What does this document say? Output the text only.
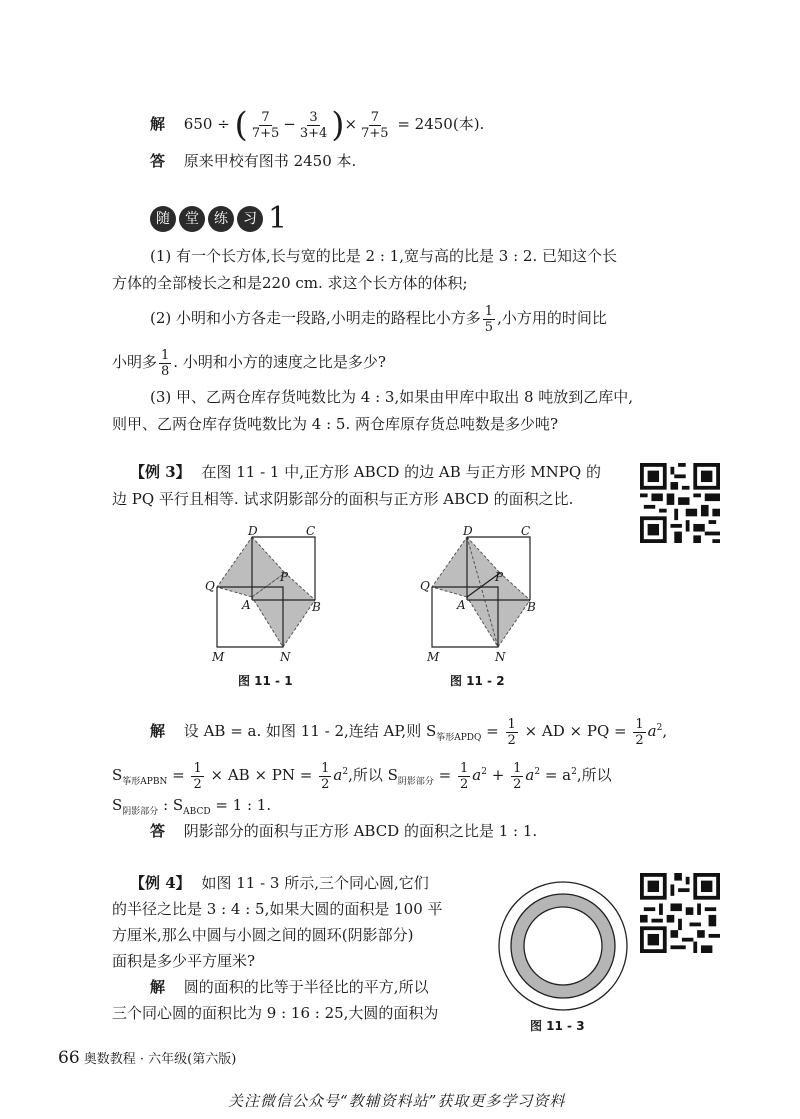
解 650 ÷ ( $\frac{7}{7+5} - \frac{3}{3+4}$ )× $\frac{7}{7+5} = 2450$(本).
答 原来甲校有图书 2450 本.
随	堂	练	习 1
(1) 有一个长方体,长与宽的比是 2 : 1,宽与高的比是 3 : 2. 已知这个长
方体的全部棱长之和是220 cm. 求这个长方体的体积;
(2) 小明和小方各走一段路,小明走的路程比小方多 $\frac{1}{5}$ ,小方用的时间比
小明多 $\frac{1}{8}$ . 小明和小方的速度之比是多少?
(3) 甲、乙两仓库存货吨数比为 4 : 3,如果由甲库中取出 8 吨放到乙库中,
则甲、乙两仓库存货吨数比为 4 : 5. 两仓库原存货总吨数是多少吨?
【例 3】 在图 11 - 1 中,正方形 ABCD 的边 AB 与正方形 MNPQ 的
边 PQ 平行且相等. 试求阴影部分的面积与正方形 ABCD 的面积之比.
D	C
Q
P
A	B
M	N
图 11 - 1
D	C
Q
P
A	B
M	N
图 11 - 2
解 设 AB = a. 如图 11 - 2,连结 AP,则 $S_{筝形APDQ} = \frac{1}{2}$ × AD × PQ = $\frac{1}{2} a^2$,
$S_{筝形APBN} = \frac{1}{2}$ × AB × PN = $\frac{1}{2} a^2$,所以 $S_{阴影部分} = \frac{1}{2} a^2 + \frac{1}{2} a^2 = a^2$,所以
$S_{阴影部分}$ : $S_{ABCD} = 1$ : 1.
答 阴影部分的面积与正方形 ABCD 的面积之比是 1 : 1.
【例 4】 如图 11 - 3 所示,三个同心圆,它们
的半径之比是 3 : 4 : 5,如果大圆的面积是 100 平
方厘米,那么中圆与小圆之间的圆环(阴影部分)
面积是多少平方厘米?
解 圆的面积的比等于半径比的平方,所以
三个同心圆的面积比为 9 : 16 : 25,大圆的面积为
图 11 - 3
66 奥数教程 · 六年级(第六版)
关注微信公众号“教辅资料站”获取更多学习资料
